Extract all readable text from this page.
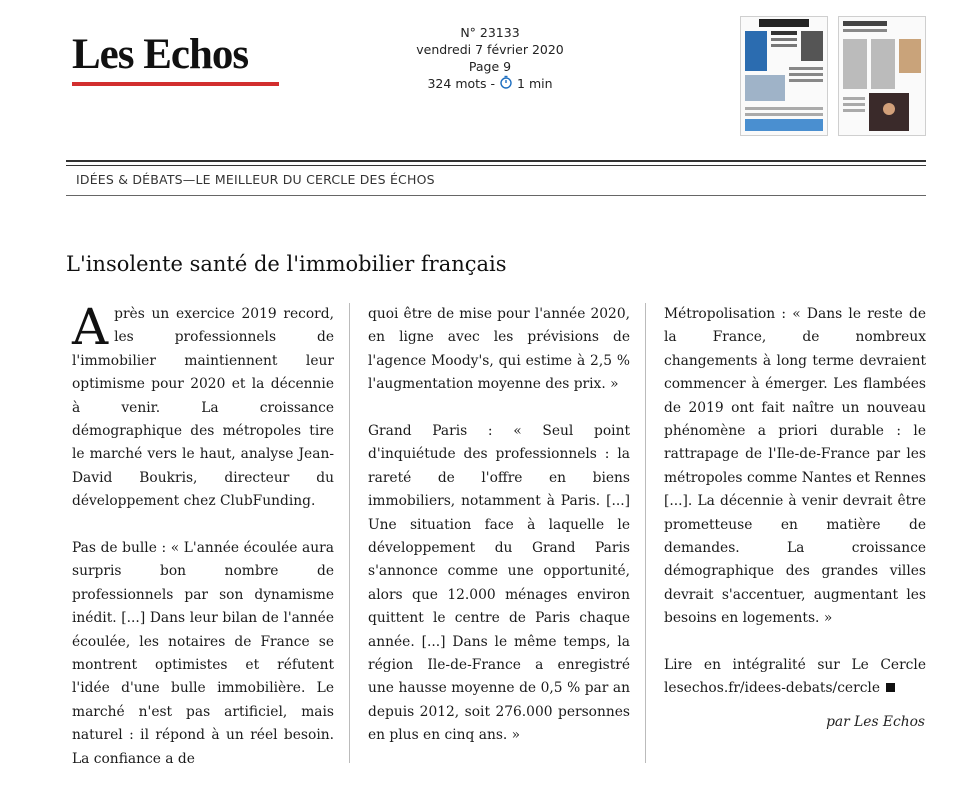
Les Echos	N° 23133
vendredi 7 février 2020
Page 9
324 mots - 1 min
IDÉES & DÉBATS—LE MEILLEUR DU CERCLE DES ÉCHOS
L'insolente santé de l'immobilier français

A près un exercice 2019 record, les professionnels de l'immobilier maintiennent leur optimisme pour 2020 et la décennie à venir. La croissance démographique des métropoles tire le marché vers le haut, analyse Jean-David Boukris, directeur du développement chez ClubFunding.

Pas de bulle : « L'année écoulée aura surpris bon nombre de professionnels par son dynamisme inédit. [...] Dans leur bilan de l'année écoulée, les notaires de France se montrent optimistes et réfutent l'idée d'une bulle immobilière. Le marché n'est pas artificiel, mais naturel : il répond à un réel besoin. La confiance a de

quoi être de mise pour l'année 2020, en ligne avec les prévisions de l'agence Moody's, qui estime à 2,5 % l'augmentation moyenne des prix. »

Grand Paris : « Seul point d'inquiétude des professionnels : la rareté de l'offre en biens immobiliers, notamment à Paris. [...] Une situation face à laquelle le développement du Grand Paris s'annonce comme une opportunité, alors que 12.000 ménages environ quittent le centre de Paris chaque année. [...] Dans le même temps, la région Ile-de-France a enregistré une hausse moyenne de 0,5 % par an depuis 2012, soit 276.000 personnes en plus en cinq ans. »

Métropolisation : « Dans le reste de la France, de nombreux changements à long terme devraient commencer à émerger. Les flambées de 2019 ont fait naître un nouveau phénomène a priori durable : le rattrapage de l'Ile-de-France par les métropoles comme Nantes et Rennes [...]. La décennie à venir devrait être prometteuse en matière de demandes. La croissance démographique des grandes villes devrait s'accentuer, augmentant les besoins en logements. »

Lire en intégralité sur Le Cercle lesechos.fr/idees-debats/cercle

par Les Echos
